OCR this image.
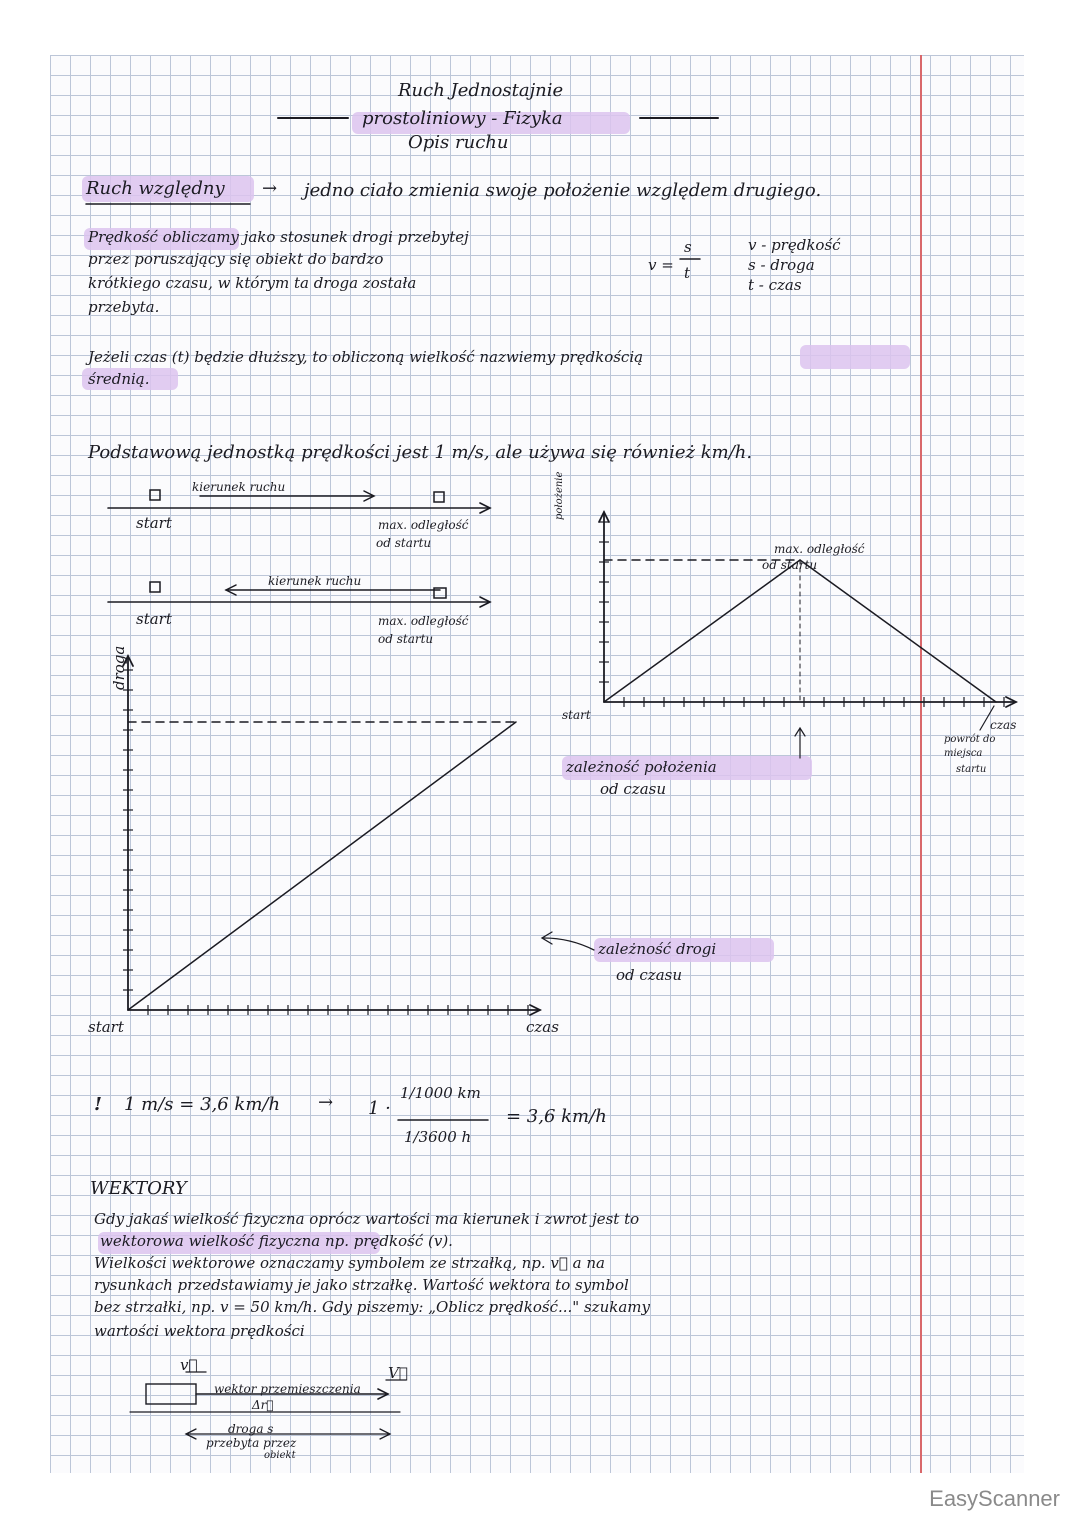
Ruch Jednostajnie
prostoliniowy - Fizyka
Opis ruchu
Ruch względny → jedno ciało zmienia swoje położenie względem drugiego.
Prędkość obliczamy jako stosunek drogi przebytej
przez poruszający się obiekt do bardzo
krótkiego czasu, w którym ta droga została
przebyta.
v =
s
t
v - prędkość
s - droga
t - czas
Jeżeli czas (t) będzie dłuższy, to obliczoną wielkość nazwiemy prędkością
średnią.
Podstawową jednostką prędkości jest 1 m/s, ale używa się również km/h.
kierunek ruchu
start	max. odległość
od startu
kierunek ruchu
start	max. odległość
od startu
położenie
start
czas
max. odległość
od startu
powrót do
miejsca
startu
zależność położenia
od czasu
droga
start	czas
zależność drogi
od czasu
! 1 m/s = 3,6 km/h → 1 ·
1/1000 km
1/3600 h
= 3,6 km/h
WEKTORY
Gdy jakaś wielkość fizyczna oprócz wartości ma kierunek i zwrot jest to
wektorowa wielkość fizyczna np. prędkość (v).
Wielkości wektorowe oznaczamy symbolem ze strzałką, np. v⃗ a na
rysunkach przedstawiamy je jako strzałkę. Wartość wektora to symbol
bez strzałki, np. v = 50 km/h. Gdy piszemy: „Oblicz prędkość..." szukamy
wartości wektora prędkości
v⃗	V⃗
wektor przemieszczenia
Δr⃗
droga s
przebyta przez
obiekt
EasyScanner
